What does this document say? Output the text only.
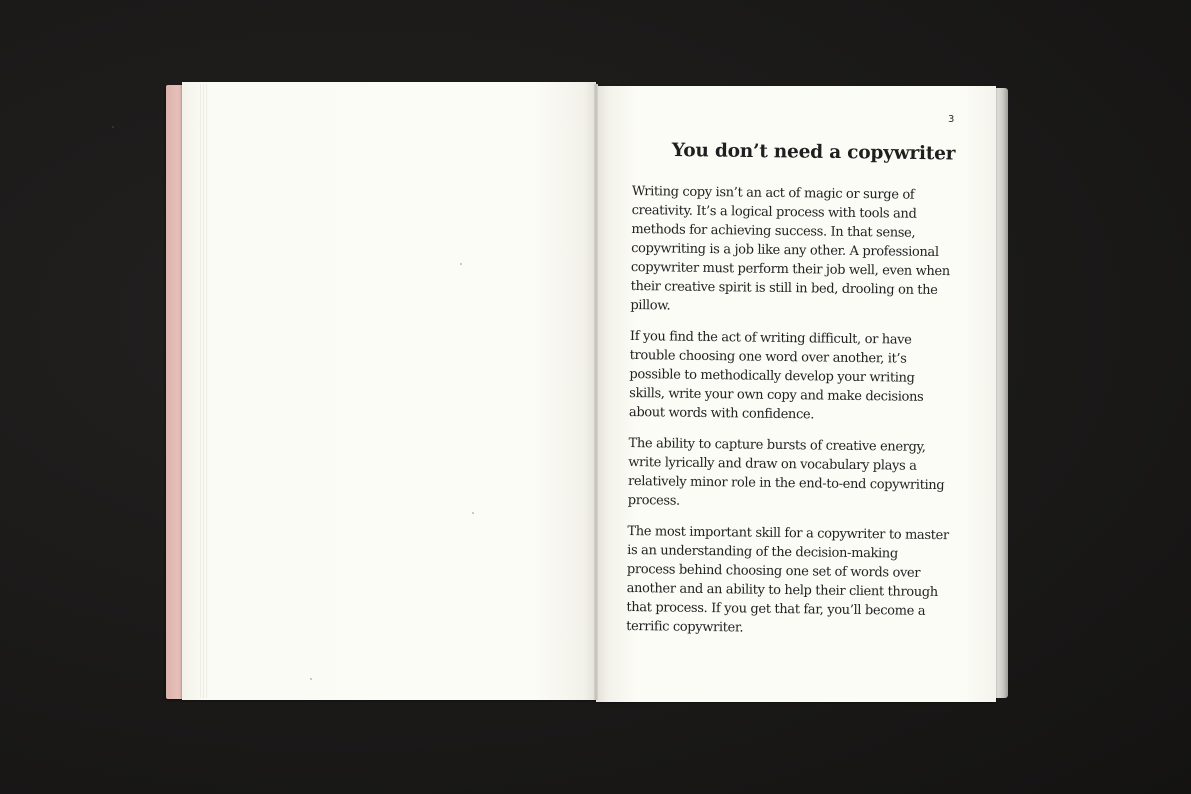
3
You don’t need a copywriter

Writing copy isn’t an act of magic or surge of creativity. It’s a logical process with tools and methods for achieving success. In that sense, copywriting is a job like any other. A professional copywriter must perform their job well, even when their creative spirit is still in bed, drooling on the pillow.

If you find the act of writing difficult, or have trouble choosing one word over another, it’s possible to methodically develop your writing skills, write your own copy and make decisions about words with confidence.

The ability to capture bursts of creative energy, write lyrically and draw on vocabulary plays a relatively minor role in the end-to-end copywriting process.

The most important skill for a copywriter to master is an understanding of the decision-making process behind choosing one set of words over another and an ability to help their client through that process. If you get that far, you’ll become a terrific copywriter.
